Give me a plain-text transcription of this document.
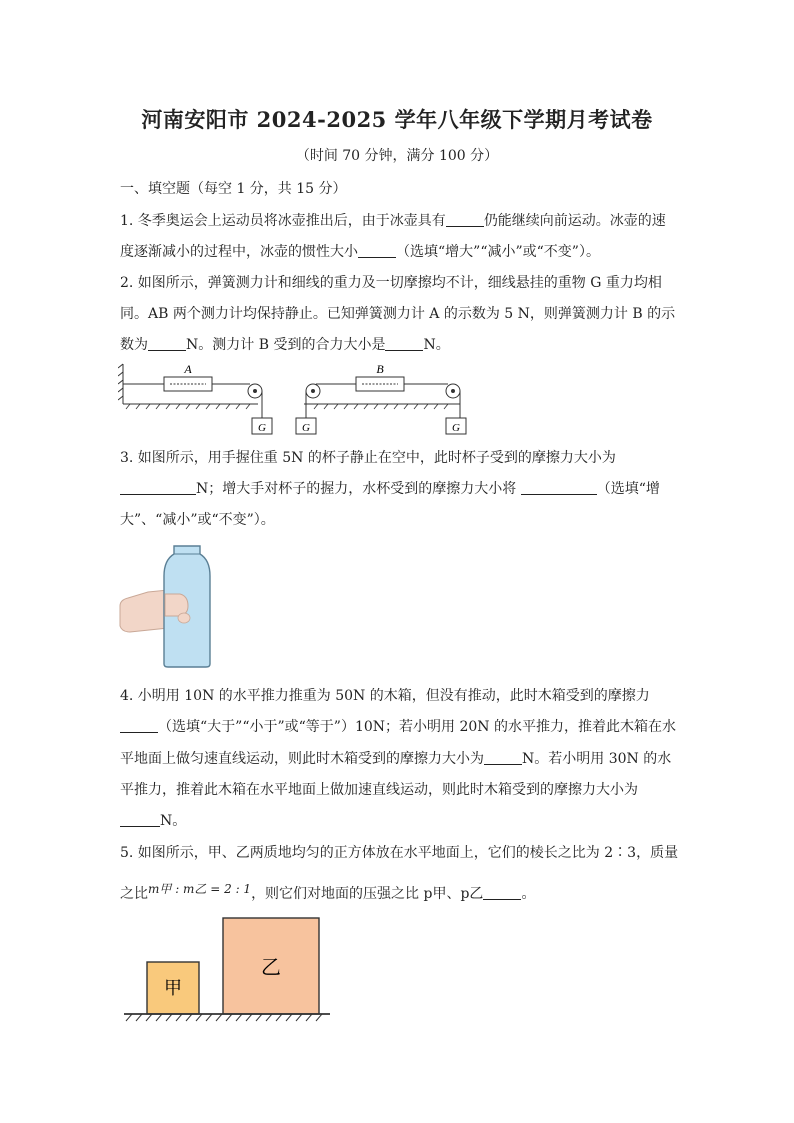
河南安阳市 2024-2025 学年八年级下学期月考试卷
（时间 70 分钟，满分 100 分）
一、填空题（每空 1 分，共 15 分）
1. 冬季奥运会上运动员将冰壶推出后，由于冰壶具有	仍能继续向前运动。冰壶的速
度逐渐减小的过程中，冰壶的惯性大小	（选填“增大”“减小”或“不变”）。
2. 如图所示，弹簧测力计和细线的重力及一切摩擦均不计，细线悬挂的重物 G 重力均相
同。AB 两个测力计均保持静止。已知弹簧测力计 A 的示数为 5 N，则弹簧测力计 B 的示
数为	N。测力计 B 受到的合力大小是	N。
A
G
B
G	G
3. 如图所示，用手握住重 5N 的杯子静止在空中，此时杯子受到的摩擦力大小为
N；增大手对杯子的握力，水杯受到的摩擦力大小将	（选填“增
大”、“减小”或“不变”）。
4. 小明用 10N 的水平推力推重为 50N 的木箱，但没有推动，此时木箱受到的摩擦力
（选填“大于”“小于”或“等于”）10N；若小明用 20N 的水平推力，推着此木箱在水
平地面上做匀速直线运动，则此时木箱受到的摩擦力大小为	N。若小明用 30N 的水
平推力，推着此木箱在水平地面上做加速直线运动，则此时木箱受到的摩擦力大小为
N。
5. 如图所示，甲、乙两质地均匀的正方体放在水平地面上，它们的棱长之比为 2∶3，质量
之比m甲 : m乙 = 2 : 1，则它们对地面的压强之比 p甲、p乙	。
甲
乙
